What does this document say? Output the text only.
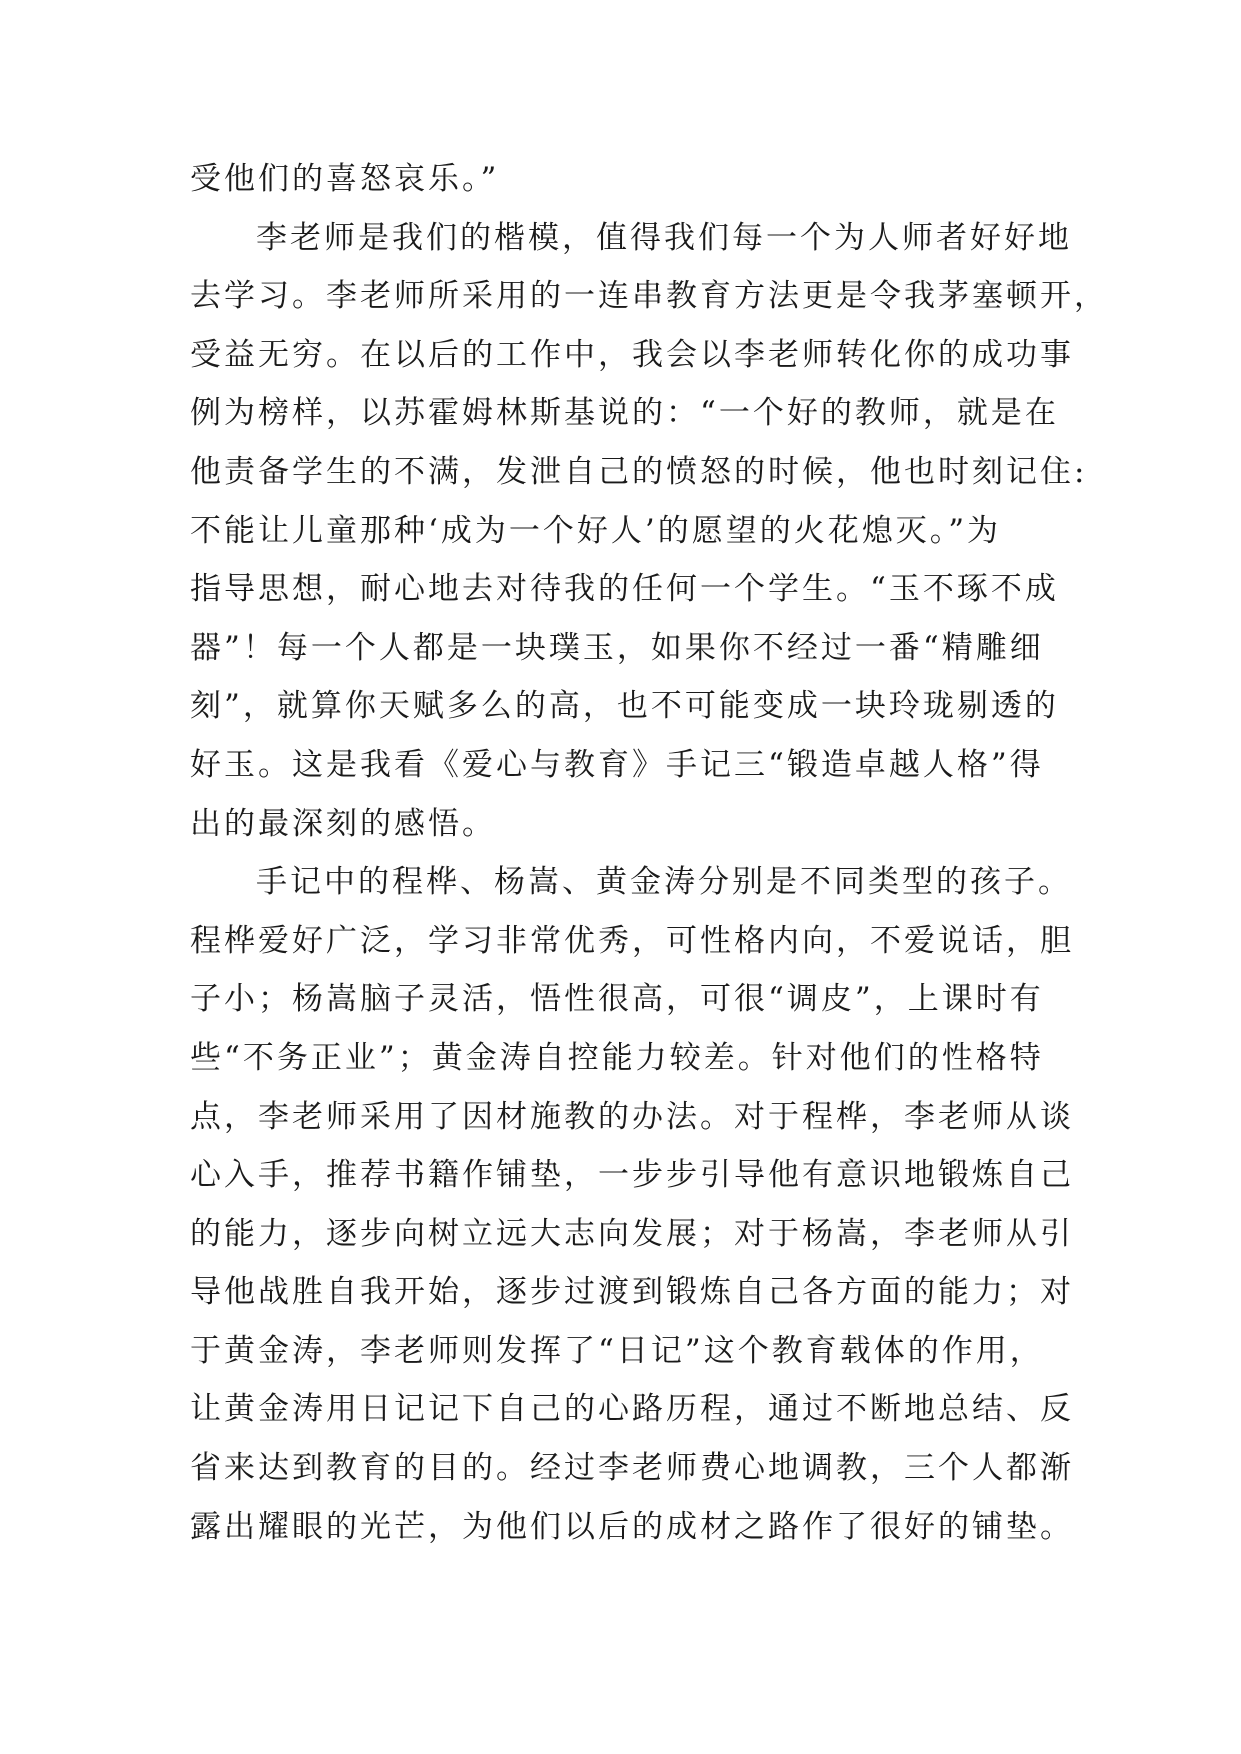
受他们的喜怒哀乐。”
李老师是我们的楷模，值得我们每一个为人师者好好地
去学习。李老师所采用的一连串教育方法更是令我茅塞顿开，
受益无穷。在以后的工作中，我会以李老师转化你的成功事
例为榜样，以苏霍姆林斯基说的：“一个好的教师，就是在
他责备学生的不满，发泄自己的愤怒的时候，他也时刻记住:
不能让儿童那种‘成为一个好人’的愿望的火花熄灭。”为
指导思想，耐心地去对待我的任何一个学生。“玉不琢不成
器”！每一个人都是一块璞玉，如果你不经过一番“精雕细
刻”，就算你天赋多么的高，也不可能变成一块玲珑剔透的
好玉。这是我看《爱心与教育》手记三“锻造卓越人格”得
出的最深刻的感悟。
手记中的程桦、杨嵩、黄金涛分别是不同类型的孩子。
程桦爱好广泛，学习非常优秀，可性格内向，不爱说话，胆
子小；杨嵩脑子灵活，悟性很高，可很“调皮”，上课时有
些“不务正业”；黄金涛自控能力较差。针对他们的性格特
点，李老师采用了因材施教的办法。对于程桦，李老师从谈
心入手，推荐书籍作铺垫，一步步引导他有意识地锻炼自己
的能力，逐步向树立远大志向发展；对于杨嵩，李老师从引
导他战胜自我开始，逐步过渡到锻炼自己各方面的能力；对
于黄金涛，李老师则发挥了“日记”这个教育载体的作用，
让黄金涛用日记记下自己的心路历程，通过不断地总结、反
省来达到教育的目的。经过李老师费心地调教，三个人都渐
露出耀眼的光芒，为他们以后的成材之路作了很好的铺垫。
